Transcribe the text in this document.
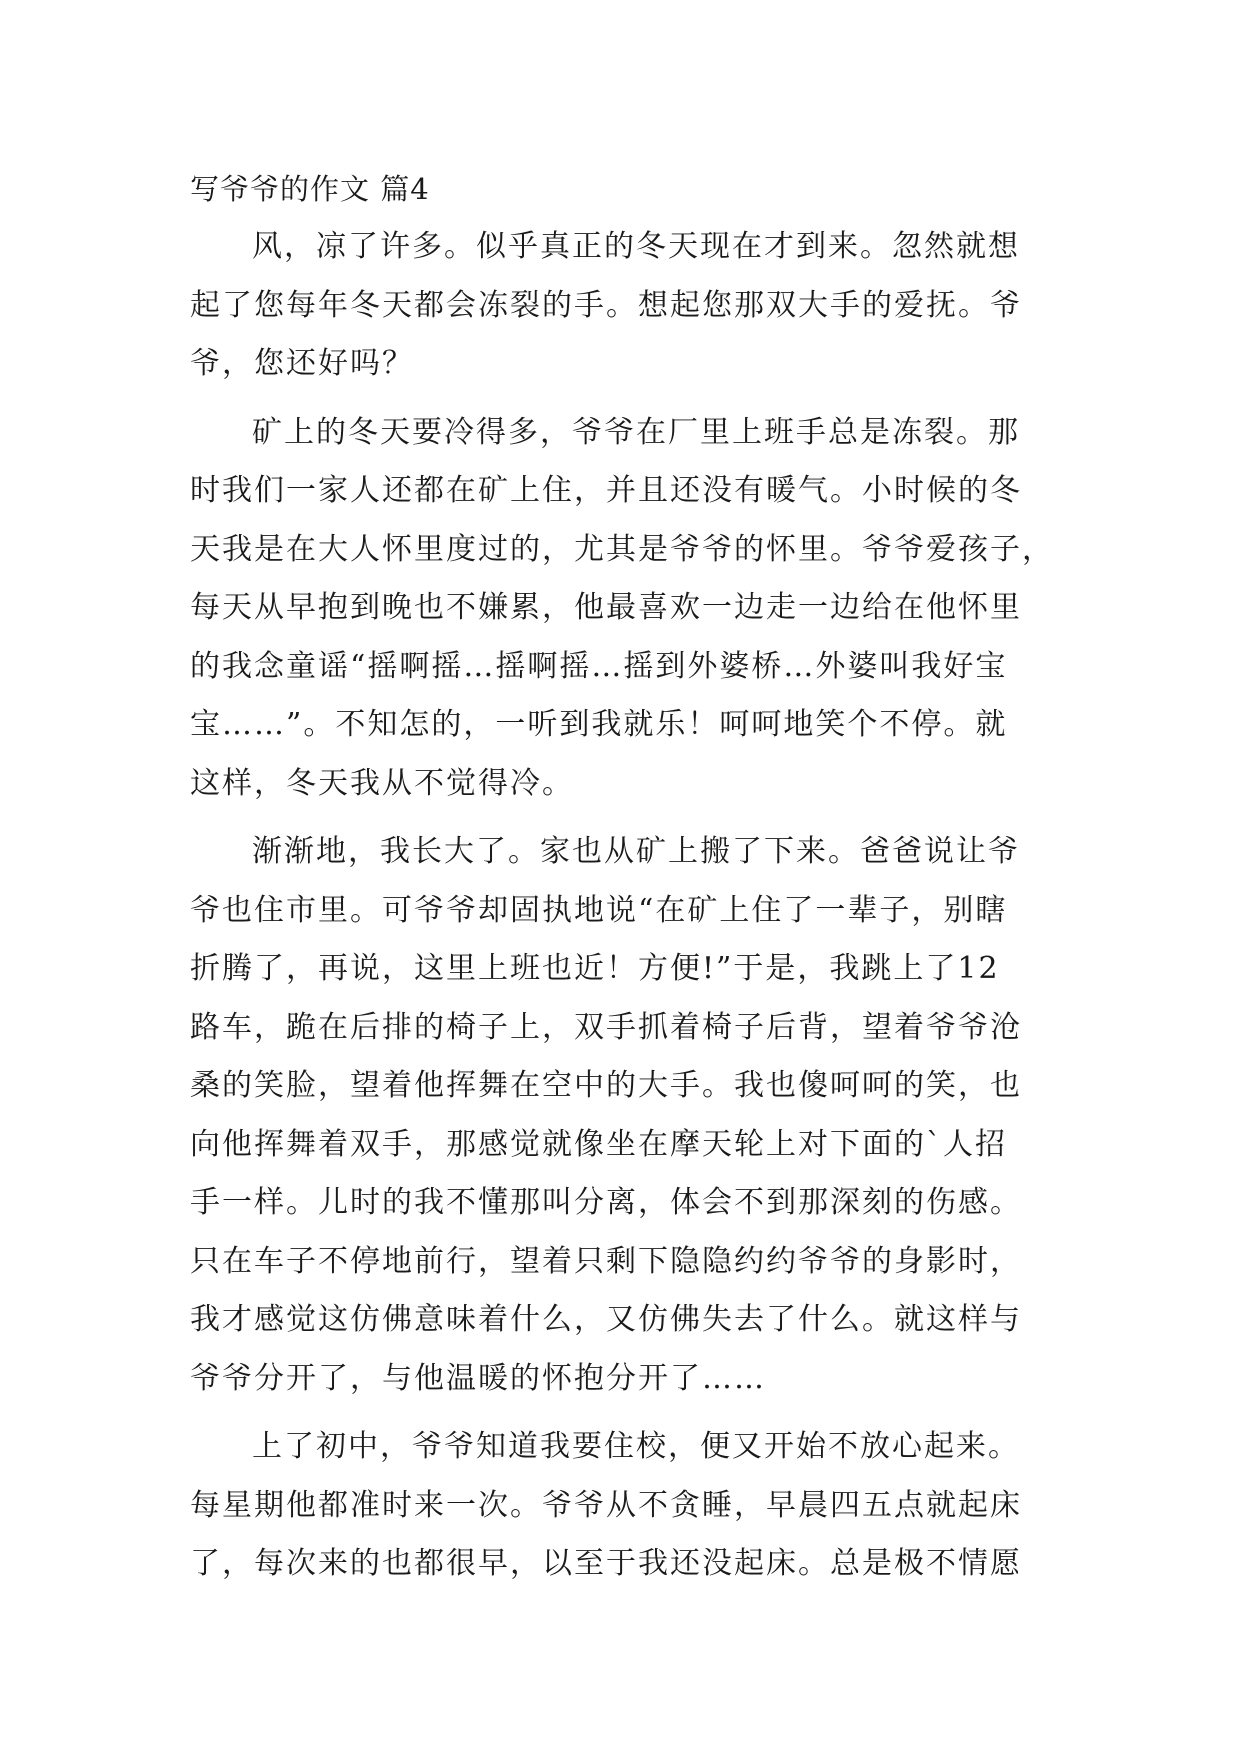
写爷爷的作文 篇4

风，凉了许多。似乎真正的冬天现在才到来。忽然就想
起了您每年冬天都会冻裂的手。想起您那双大手的爱抚。爷
爷，您还好吗？

矿上的冬天要冷得多，爷爷在厂里上班手总是冻裂。那
时我们一家人还都在矿上住，并且还没有暖气。小时候的冬
天我是在大人怀里度过的，尤其是爷爷的怀里。爷爷爱孩子，
每天从早抱到晚也不嫌累，他最喜欢一边走一边给在他怀里
的我念童谣“摇啊摇…摇啊摇…摇到外婆桥…外婆叫我好宝
宝……”。不知怎的，一听到我就乐！呵呵地笑个不停。就
这样，冬天我从不觉得冷。

渐渐地，我长大了。家也从矿上搬了下来。爸爸说让爷
爷也住市里。可爷爷却固执地说“在矿上住了一辈子，别瞎
折腾了，再说，这里上班也近！方便!”于是，我跳上了12
路车，跪在后排的椅子上，双手抓着椅子后背，望着爷爷沧
桑的笑脸，望着他挥舞在空中的大手。我也傻呵呵的笑，也
向他挥舞着双手，那感觉就像坐在摩天轮上对下面的`人招
手一样。儿时的我不懂那叫分离，体会不到那深刻的伤感。
只在车子不停地前行，望着只剩下隐隐约约爷爷的身影时，
我才感觉这仿佛意味着什么，又仿佛失去了什么。就这样与
爷爷分开了，与他温暖的怀抱分开了……

上了初中，爷爷知道我要住校，便又开始不放心起来。
每星期他都准时来一次。爷爷从不贪睡，早晨四五点就起床
了，每次来的也都很早，以至于我还没起床。总是极不情愿
